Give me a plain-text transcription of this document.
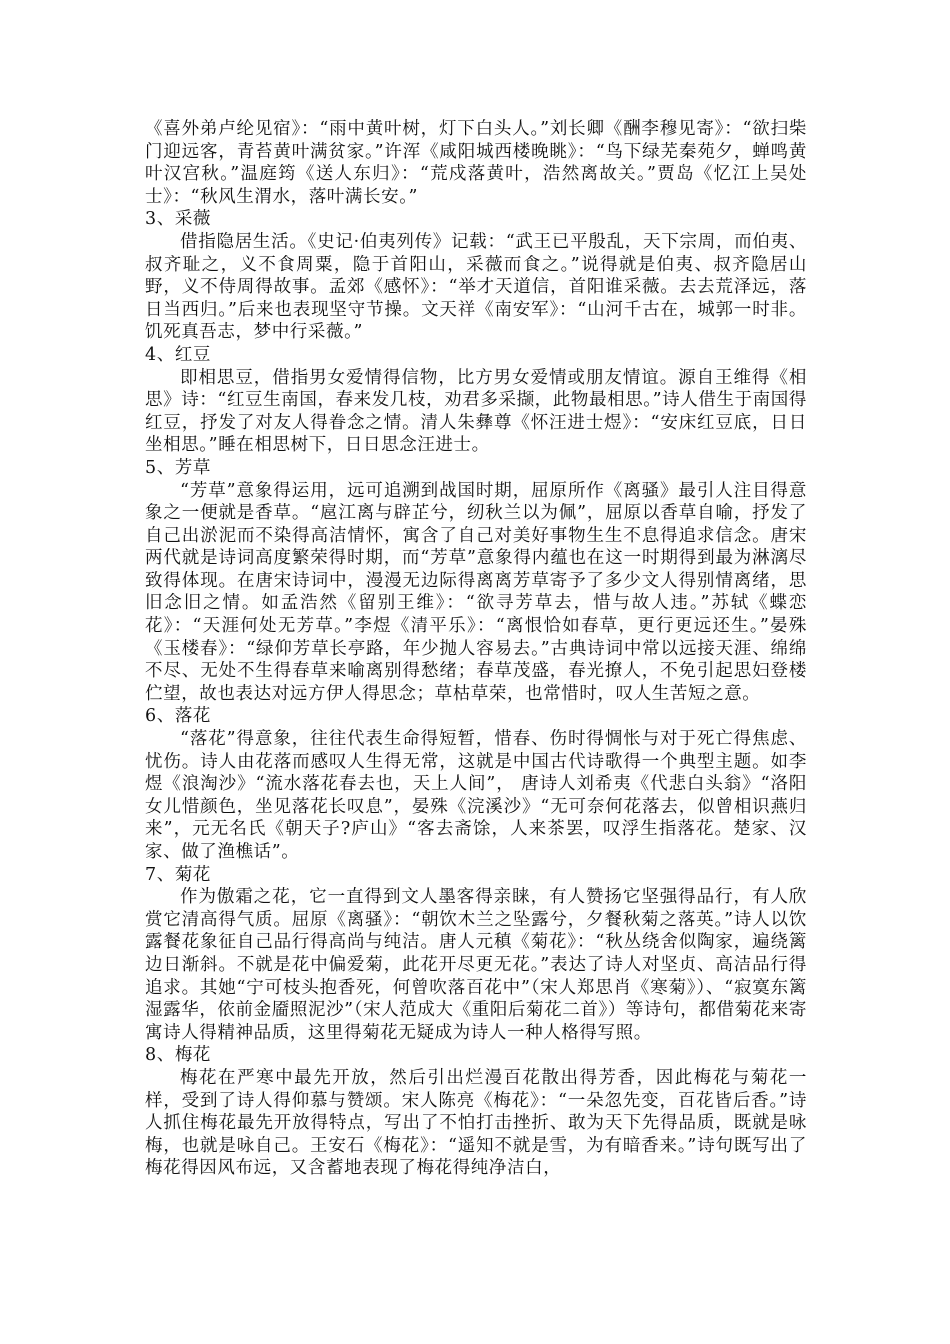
《喜外弟卢纶见宿》：“雨中黄叶树，灯下白头人。”刘长卿《酬李穆见寄》：“欲扫柴门迎远客，青苔黄叶满贫家。”许浑《咸阳城西楼晚眺》：“鸟下绿芜秦苑夕，蝉鸣黄叶汉宫秋。”温庭筠《送人东归》：“荒戍落黄叶，浩然离故关。”贾岛《忆江上吴处士》：“秋风生渭水，落叶满长安。”

3、采薇

借指隐居生活。《史记·伯夷列传》记载：“武王已平殷乱，天下宗周，而伯夷、叔齐耻之，义不食周粟，隐于首阳山，采薇而食之。”说得就是伯夷、叔齐隐居山野，义不侍周得故事。孟郊《感怀》：“举才天道信，首阳谁采薇。去去荒泽远，落日当西归。”后来也表现坚守节操。文天祥《南安军》：“山河千古在，城郭一时非。饥死真吾志，梦中行采薇。”

4、红豆

即相思豆，借指男女爱情得信物，比方男女爱情或朋友情谊。源自王维得《相思》诗：“红豆生南国，春来发几枝，劝君多采撷，此物最相思。”诗人借生于南国得红豆，抒发了对友人得眷念之情。清人朱彝尊《怀汪进士煜》：“安床红豆底，日日坐相思。”睡在相思树下，日日思念汪进士。

5、芳草

“芳草”意象得运用，远可追溯到战国时期，屈原所作《离骚》最引人注目得意象之一便就是香草。“扈江离与辟芷兮，纫秋兰以为佩”，屈原以香草自喻，抒发了自己出淤泥而不染得高洁情怀，寓含了自己对美好事物生生不息得追求信念。唐宋两代就是诗词高度繁荣得时期，而“芳草”意象得内蕴也在这一时期得到最为淋漓尽致得体现。在唐宋诗词中，漫漫无边际得离离芳草寄予了多少文人得别情离绪，思旧念旧之情。如孟浩然《留别王维》：“欲寻芳草去，惜与故人违。”苏轼《蝶恋花》：“天涯何处无芳草。”李煜《清平乐》：“离恨恰如春草，更行更远还生。”晏殊《玉楼春》：“绿仰芳草长亭路，年少抛人容易去。”古典诗词中常以远接天涯、绵绵不尽、无处不生得春草来喻离别得愁绪；春草茂盛，春光撩人，不免引起思妇登楼伫望，故也表达对远方伊人得思念；草枯草荣，也常惜时，叹人生苦短之意。

6、落花

“落花”得意象，往往代表生命得短暂，惜春、伤时得惆怅与对于死亡得焦虑、忧伤。诗人由花落而感叹人生得无常，这就是中国古代诗歌得一个典型主题。如李煜《浪淘沙》“流水落花春去也，天上人间”， 唐诗人刘希夷《代悲白头翁》“洛阳女儿惜颜色，坐见落花长叹息”，晏殊《浣溪沙》“无可奈何花落去，似曾相识燕归来”，元无名氏《朝天子?庐山》“客去斋馀，人来茶罢，叹浮生指落花。楚家、汉家、做了渔樵话”。

7、菊花

作为傲霜之花，它一直得到文人墨客得亲睐，有人赞扬它坚强得品行，有人欣赏它清高得气质。屈原《离骚》：“朝饮木兰之坠露兮，夕餐秋菊之落英。”诗人以饮露餐花象征自己品行得高尚与纯洁。唐人元稹《菊花》：“秋丛绕舍似陶家，遍绕篱边日渐斜。不就是花中偏爱菊，此花开尽更无花。”表达了诗人对坚贞、高洁品行得追求。其她“宁可枝头抱香死，何曾吹落百花中”（宋人郑思肖《寒菊》）、“寂寞东篱湿露华，依前金靥照泥沙”（宋人范成大《重阳后菊花二首》）等诗句，都借菊花来寄寓诗人得精神品质，这里得菊花无疑成为诗人一种人格得写照。

8、梅花

梅花在严寒中最先开放，然后引出烂漫百花散出得芳香，因此梅花与菊花一样，受到了诗人得仰慕与赞颂。宋人陈亮《梅花》：“一朵忽先变，百花皆后香。”诗人抓住梅花最先开放得特点，写出了不怕打击挫折、敢为天下先得品质，既就是咏梅，也就是咏自己。王安石《梅花》：“遥知不就是雪，为有暗香来。”诗句既写出了梅花得因风布远，又含蓄地表现了梅花得纯净洁白，
